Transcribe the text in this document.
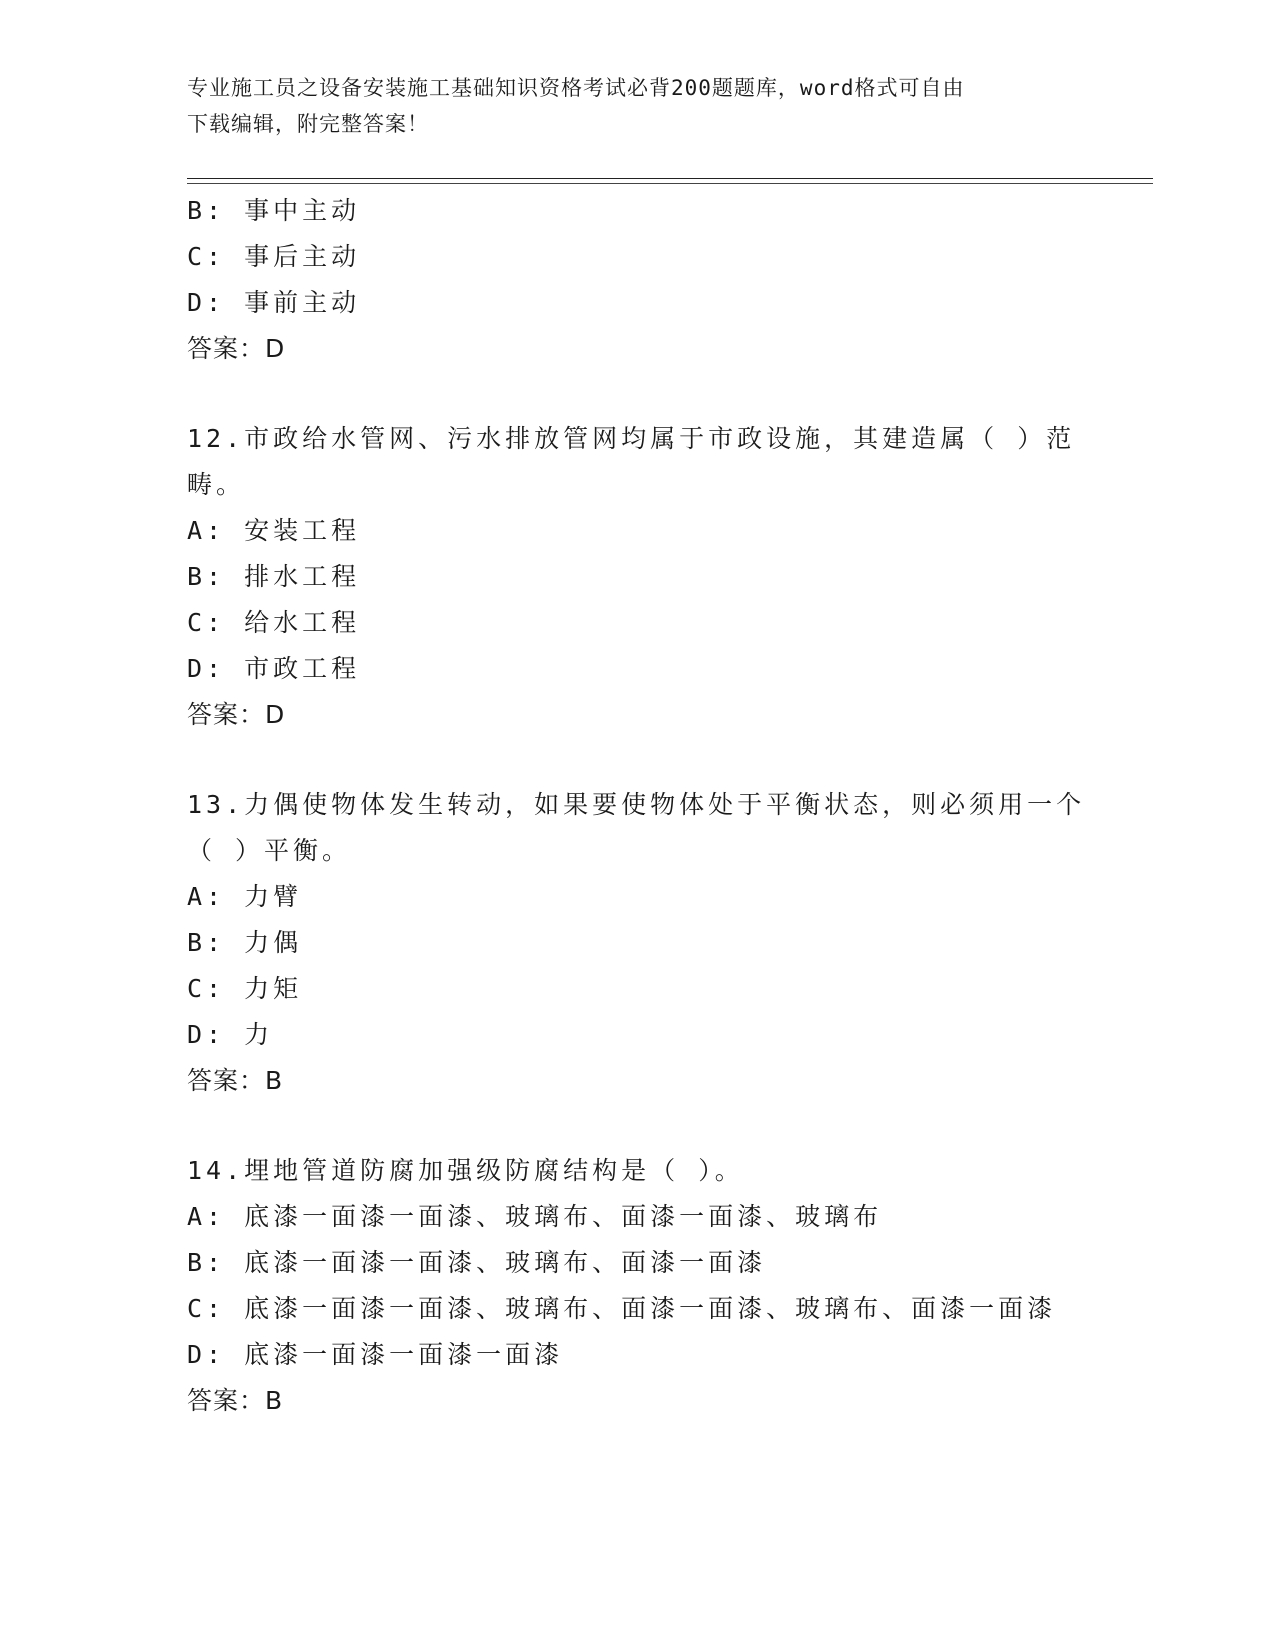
专业施工员之设备安装施工基础知识资格考试必背200题题库，word格式可自由
下载编辑，附完整答案！
B: 事中主动
C: 事后主动
D: 事前主动
答案：D
12.市政给水管网、污水排放管网均属于市政设施，其建造属（ ）范
畴。
A: 安装工程
B: 排水工程
C: 给水工程
D: 市政工程
答案：D
13.力偶使物体发生转动，如果要使物体处于平衡状态，则必须用一个
（ ）平衡。
A: 力臂
B: 力偶
C: 力矩
D: 力
答案：B
14.埋地管道防腐加强级防腐结构是（ ）。
A: 底漆一面漆一面漆、玻璃布、面漆一面漆、玻璃布
B: 底漆一面漆一面漆、玻璃布、面漆一面漆
C: 底漆一面漆一面漆、玻璃布、面漆一面漆、玻璃布、面漆一面漆
D: 底漆一面漆一面漆一面漆
答案：B
